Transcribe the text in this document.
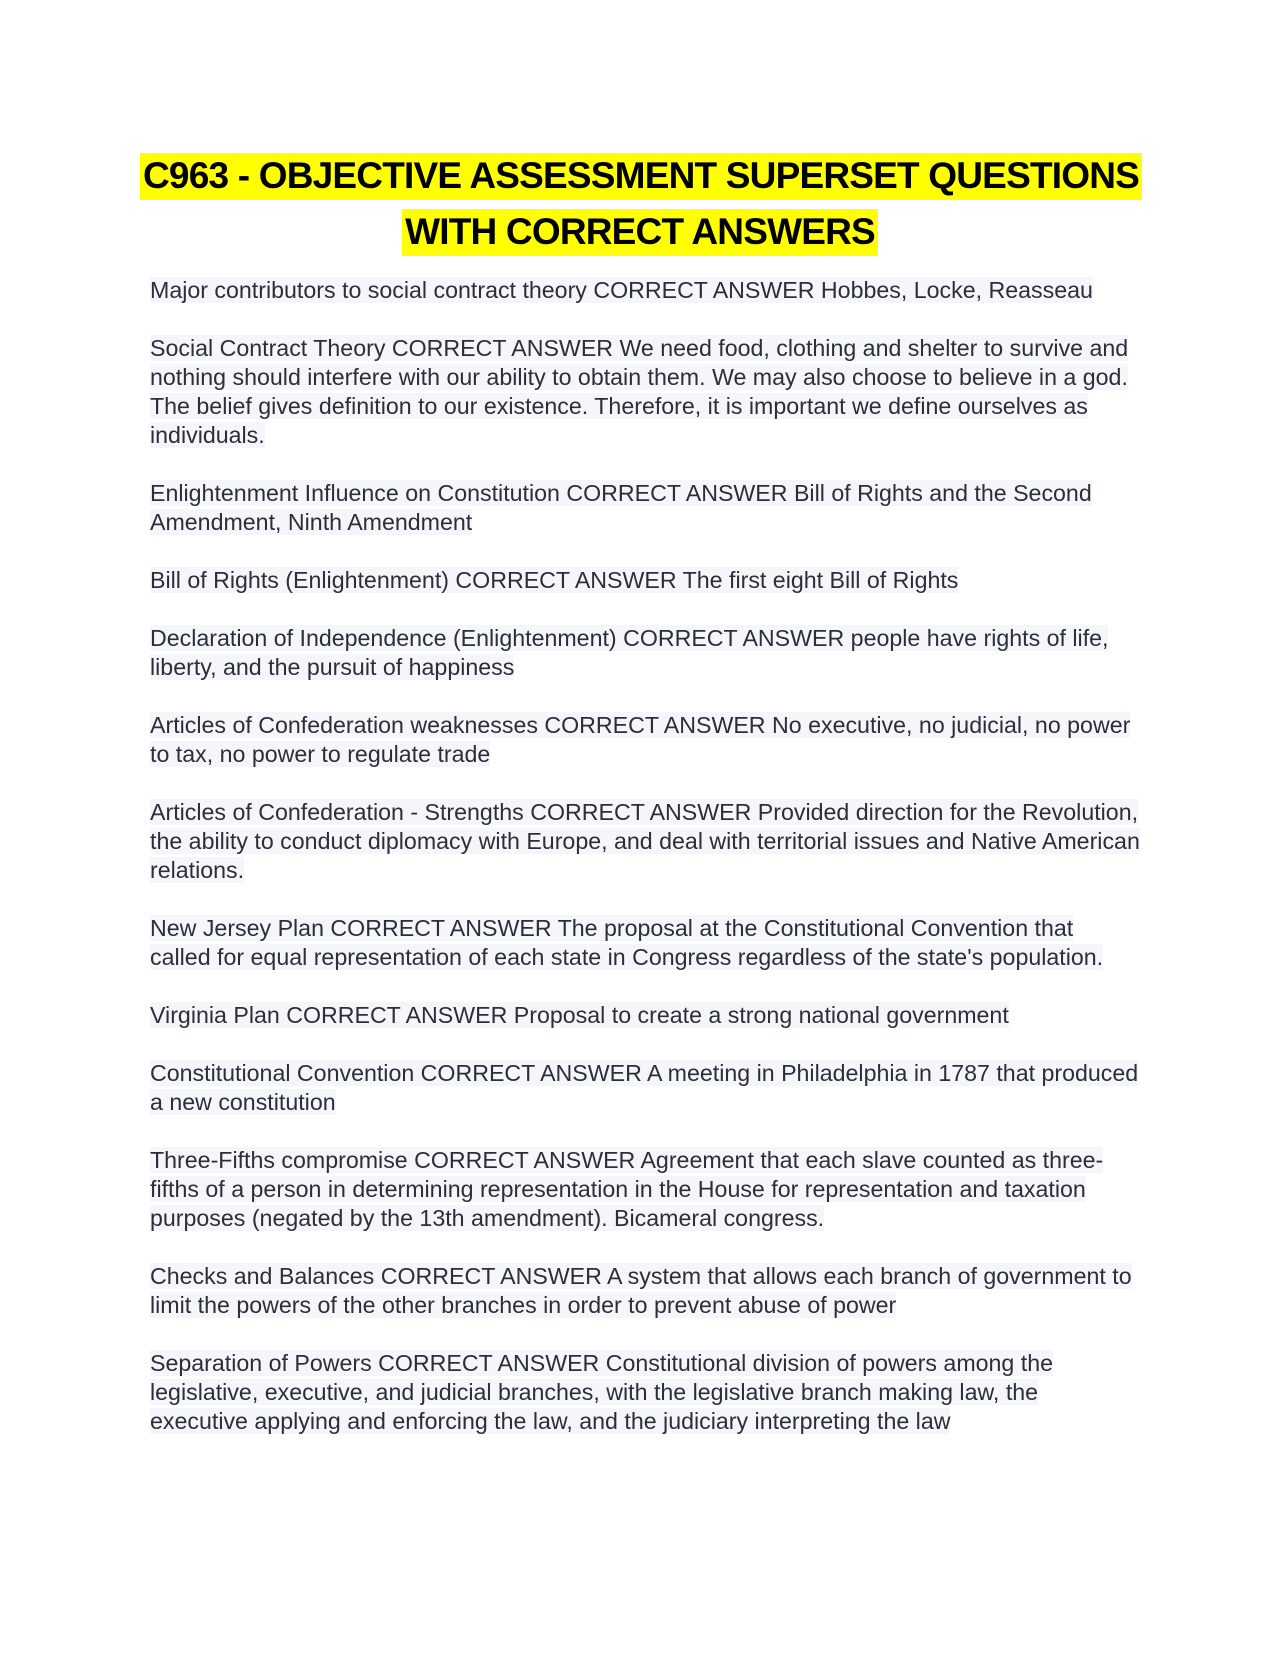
C963 - OBJECTIVE ASSESSMENT SUPERSET QUESTIONS WITH CORRECT ANSWERS

Major contributors to social contract theory CORRECT ANSWER Hobbes, Locke, Reasseau

Social Contract Theory CORRECT ANSWER We need food, clothing and shelter to survive and nothing should interfere with our ability to obtain them. We may also choose to believe in a god. The belief gives definition to our existence. Therefore, it is important we define ourselves as individuals.

Enlightenment Influence on Constitution CORRECT ANSWER Bill of Rights and the Second Amendment, Ninth Amendment

Bill of Rights (Enlightenment) CORRECT ANSWER The first eight Bill of Rights

Declaration of Independence (Enlightenment) CORRECT ANSWER people have rights of life, liberty, and the pursuit of happiness

Articles of Confederation weaknesses CORRECT ANSWER No executive, no judicial, no power to tax, no power to regulate trade

Articles of Confederation - Strengths CORRECT ANSWER Provided direction for the Revolution, the ability to conduct diplomacy with Europe, and deal with territorial issues and Native American relations.

New Jersey Plan CORRECT ANSWER The proposal at the Constitutional Convention that called for equal representation of each state in Congress regardless of the state's population.

Virginia Plan CORRECT ANSWER Proposal to create a strong national government

Constitutional Convention CORRECT ANSWER A meeting in Philadelphia in 1787 that produced a new constitution

Three-Fifths compromise CORRECT ANSWER Agreement that each slave counted as three-fifths of a person in determining representation in the House for representation and taxation purposes (negated by the 13th amendment). Bicameral congress.

Checks and Balances CORRECT ANSWER A system that allows each branch of government to limit the powers of the other branches in order to prevent abuse of power

Separation of Powers CORRECT ANSWER Constitutional division of powers among the legislative, executive, and judicial branches, with the legislative branch making law, the executive applying and enforcing the law, and the judiciary interpreting the law
